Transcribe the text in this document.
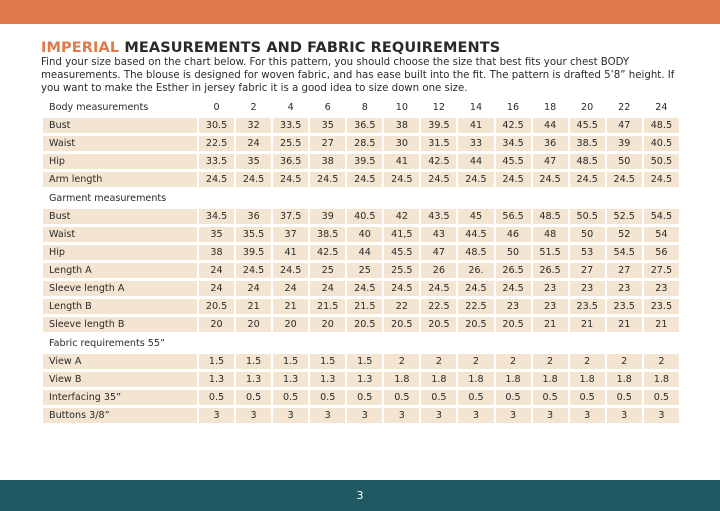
IMPERIAL MEASUREMENTS AND FABRIC REQUIREMENTS

Find your size based on the chart below. For this pattern, you should choose the size that best fits your chest BODY measurements. The blouse is designed for woven fabric, and has ease built into the fit. The pattern is drafted 5’8” height. If you want to make the Esther in jersey fabric it is a good idea to size down one size.

Body measurements	0	2	4	6	8	10	12	14	16	18	20	22	24
Bust	30.5	32	33.5	35	36.5	38	39.5	41	42.5	44	45.5	47	48.5
Waist	22.5	24	25.5	27	28.5	30	31.5	33	34.5	36	38.5	39	40.5
Hip	33.5	35	36.5	38	39.5	41	42.5	44	45.5	47	48.5	50	50.5
Arm length	24.5	24.5	24.5	24.5	24.5	24.5	24.5	24.5	24.5	24.5	24.5	24.5	24.5
Garment measurements													
Bust	34.5	36	37.5	39	40.5	42	43.5	45	56.5	48.5	50.5	52.5	54.5
Waist	35	35.5	37	38.5	40	41,5	43	44.5	46	48	50	52	54
Hip	38	39.5	41	42.5	44	45.5	47	48.5	50	51.5	53	54.5	56
Length A	24	24.5	24.5	25	25	25.5	26	26.	26.5	26.5	27	27	27.5
Sleeve length A	24	24	24	24	24.5	24.5	24.5	24.5	24.5	23	23	23	23
Length B	20.5	21	21	21.5	21.5	22	22.5	22.5	23	23	23.5	23.5	23.5
Sleeve length B	20	20	20	20	20.5	20.5	20.5	20.5	20.5	21	21	21	21
Fabric requirements 55”													
View A	1.5	1.5	1.5	1.5	1.5	2	2	2	2	2	2	2	2
View B	1.3	1.3	1.3	1.3	1.3	1.8	1.8	1.8	1.8	1.8	1.8	1.8	1.8
Interfacing 35”	0.5	0.5	0.5	0.5	0.5	0.5	0.5	0.5	0.5	0.5	0.5	0.5	0.5
Buttons 3/8”	3	3	3	3	3	3	3	3	3	3	3	3	3
3
